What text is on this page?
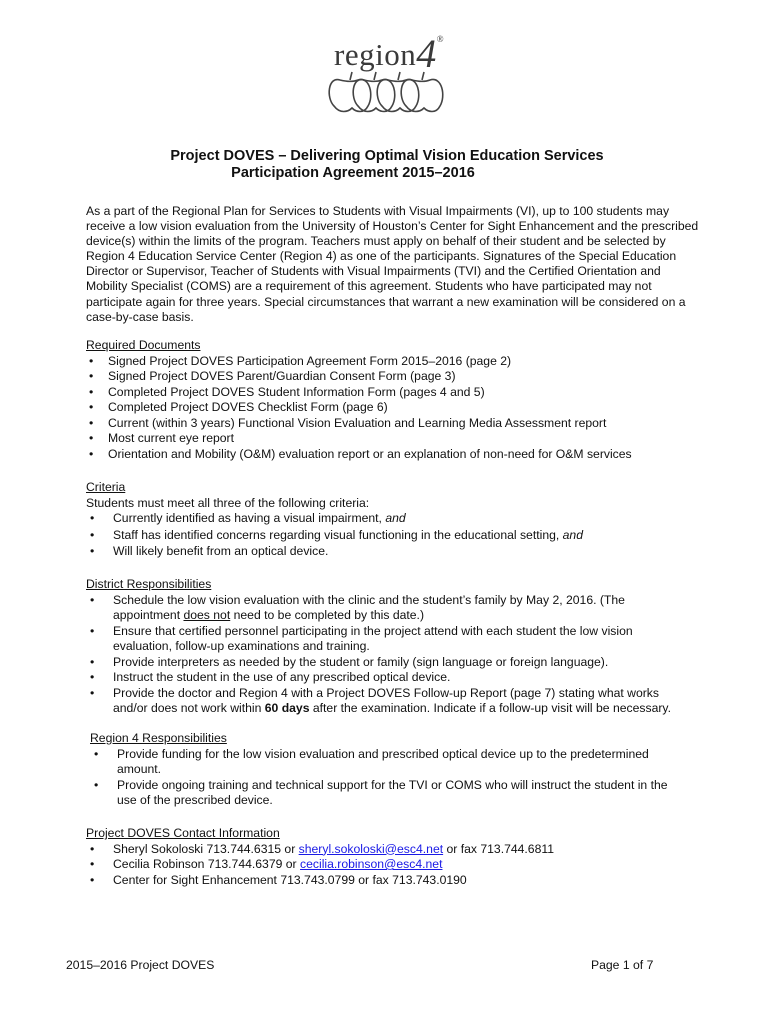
region4®
Project DOVES – Delivering Optimal Vision Education Services
Participation Agreement 2015–2016

As a part of the Regional Plan for Services to Students with Visual Impairments (VI), up to 100 students may receive a low vision evaluation from the University of Houston’s Center for Sight Enhancement and the prescribed device(s) within the limits of the program. Teachers must apply on behalf of their student and be selected by Region 4 Education Service Center (Region 4) as one of the participants. Signatures of the Special Education Director or Supervisor, Teacher of Students with Visual Impairments (TVI) and the Certified Orientation and Mobility Specialist (COMS) are a requirement of this agreement. Students who have participated may not participate again for three years. Special circumstances that warrant a new examination will be considered on a case-by-case basis.

Required Documents

• Signed Project DOVES Participation Agreement Form 2015–2016 (page 2)
• Signed Project DOVES Parent/Guardian Consent Form (page 3)
• Completed Project DOVES Student Information Form (pages 4 and 5)
• Completed Project DOVES Checklist Form (page 6)
• Current (within 3 years) Functional Vision Evaluation and Learning Media Assessment report
• Most current eye report
• Orientation and Mobility (O&M) evaluation report or an explanation of non-need for O&M services

Criteria

Students must meet all three of the following criteria:

• Currently identified as having a visual impairment, and
• Staff has identified concerns regarding visual functioning in the educational setting, and
• Will likely benefit from an optical device.

District Responsibilities

• Schedule the low vision evaluation with the clinic and the student’s family by May 2, 2016. (The appointment does not need to be completed by this date.)
• Ensure that certified personnel participating in the project attend with each student the low vision evaluation, follow-up examinations and training.
• Provide interpreters as needed by the student or family (sign language or foreign language).
• Instruct the student in the use of any prescribed optical device.
• Provide the doctor and Region 4 with a Project DOVES Follow-up Report (page 7) stating what works and/or does not work within 60 days after the examination. Indicate if a follow-up visit will be necessary.

Region 4 Responsibilities

• Provide funding for the low vision evaluation and prescribed optical device up to the predetermined amount.
• Provide ongoing training and technical support for the TVI or COMS who will instruct the student in the use of the prescribed device.

Project DOVES Contact Information

• Sheryl Sokoloski 713.744.6315 or sheryl.sokoloski@esc4.net or fax 713.744.6811
• Cecilia Robinson 713.744.6379 or cecilia.robinson@esc4.net
• Center for Sight Enhancement 713.743.0799 or fax 713.743.0190
2015–2016 Project DOVES	Page 1 of 7
